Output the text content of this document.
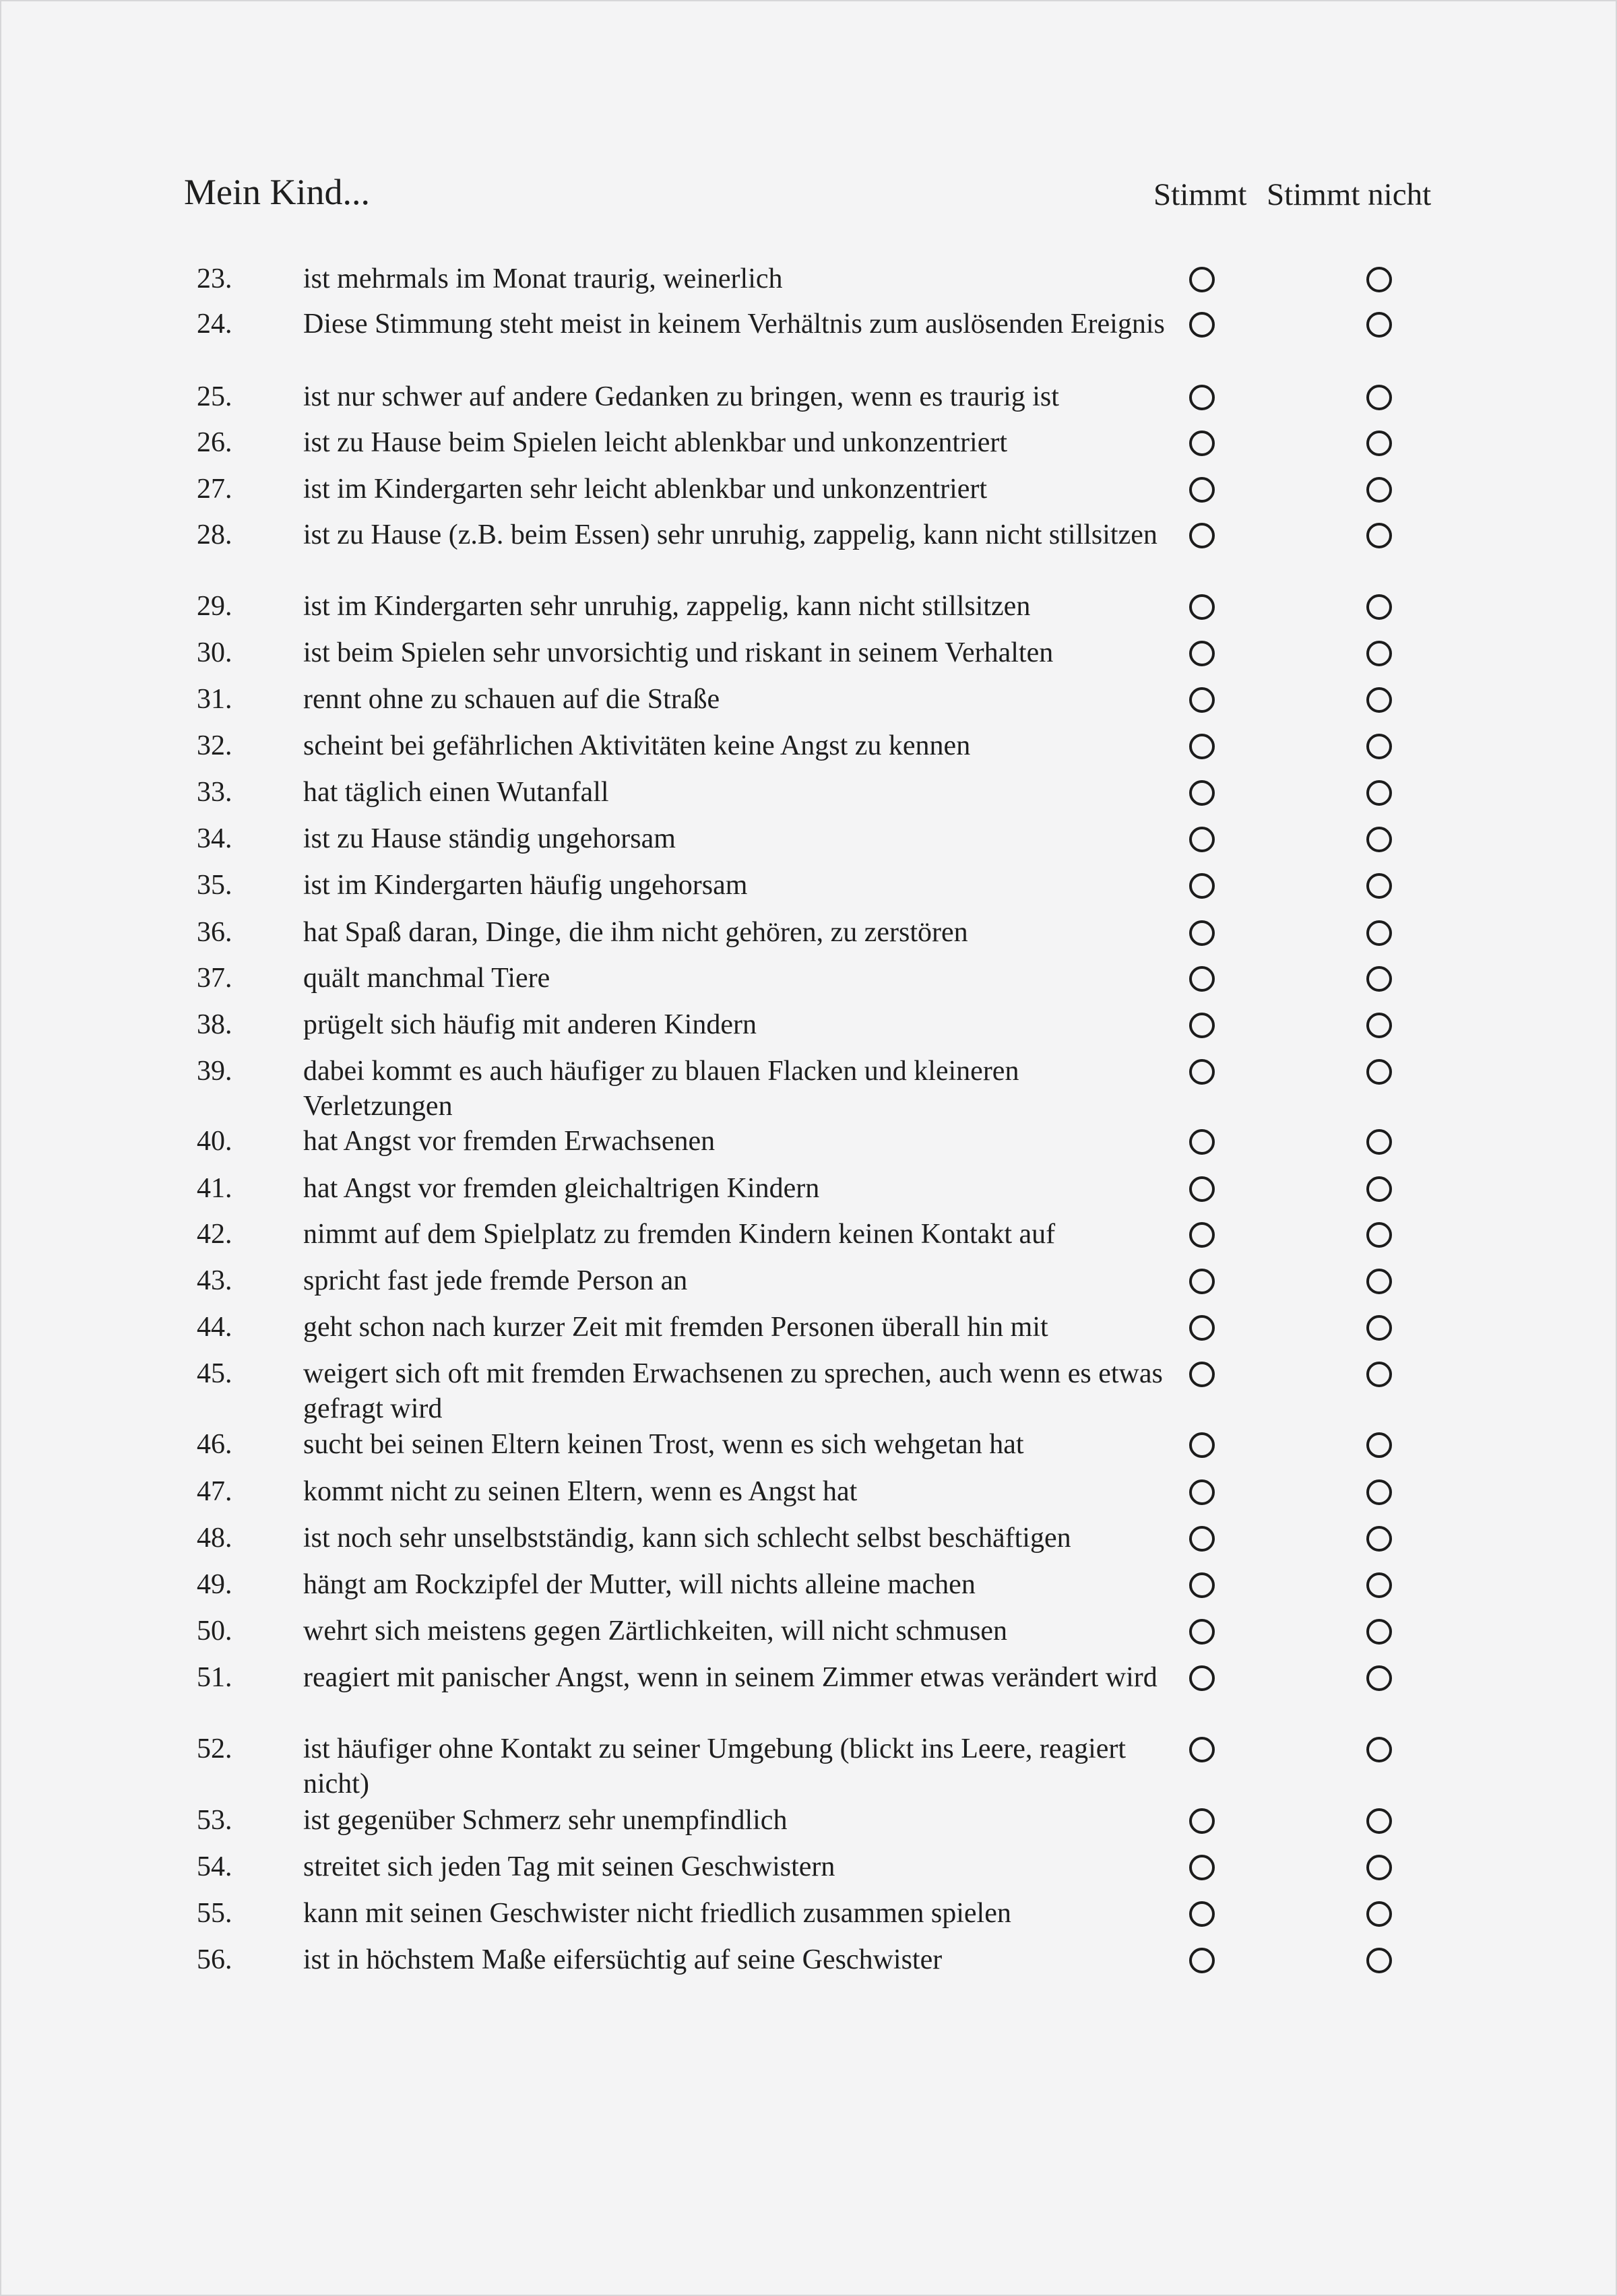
Mein Kind...	Stimmt Stimmt nicht
23.	ist mehrmals im Monat traurig, weinerlich
24.	Diese Stimmung steht meist in keinem Verhältnis zum auslösenden Ereignis
25.	ist nur schwer auf andere Gedanken zu bringen, wenn es traurig ist
26.	ist zu Hause beim Spielen leicht ablenkbar und unkonzentriert
27.	ist im Kindergarten sehr leicht ablenkbar und unkonzentriert
28.	ist zu Hause (z.B. beim Essen) sehr unruhig, zappelig, kann nicht stillsitzen
29.	ist im Kindergarten sehr unruhig, zappelig, kann nicht stillsitzen
30.	ist beim Spielen sehr unvorsichtig und riskant in seinem Verhalten
31.	rennt ohne zu schauen auf die Straße
32.	scheint bei gefährlichen Aktivitäten keine Angst zu kennen
33.	hat täglich einen Wutanfall
34.	ist zu Hause ständig ungehorsam
35.	ist im Kindergarten häufig ungehorsam
36.	hat Spaß daran, Dinge, die ihm nicht gehören, zu zerstören
37.	quält manchmal Tiere
38.	prügelt sich häufig mit anderen Kindern
39.	dabei kommt es auch häufiger zu blauen Flacken und kleineren Verletzungen
40.	hat Angst vor fremden Erwachsenen
41.	hat Angst vor fremden gleichaltrigen Kindern
42.	nimmt auf dem Spielplatz zu fremden Kindern keinen Kontakt auf
43.	spricht fast jede fremde Person an
44.	geht schon nach kurzer Zeit mit fremden Personen überall hin mit
45.	weigert sich oft mit fremden Erwachsenen zu sprechen, auch wenn es etwas gefragt wird
46.	sucht bei seinen Eltern keinen Trost, wenn es sich wehgetan hat
47.	kommt nicht zu seinen Eltern, wenn es Angst hat
48.	ist noch sehr unselbstständig, kann sich schlecht selbst beschäftigen
49.	hängt am Rockzipfel der Mutter, will nichts alleine machen
50.	wehrt sich meistens gegen Zärtlichkeiten, will nicht schmusen
51.	reagiert mit panischer Angst, wenn in seinem Zimmer etwas verändert wird
52.	ist häufiger ohne Kontakt zu seiner Umgebung (blickt ins Leere, reagiert nicht)
53.	ist gegenüber Schmerz sehr unempfindlich
54.	streitet sich jeden Tag mit seinen Geschwistern
55.	kann mit seinen Geschwister nicht friedlich zusammen spielen
56.	ist in höchstem Maße eifersüchtig auf seine Geschwister
